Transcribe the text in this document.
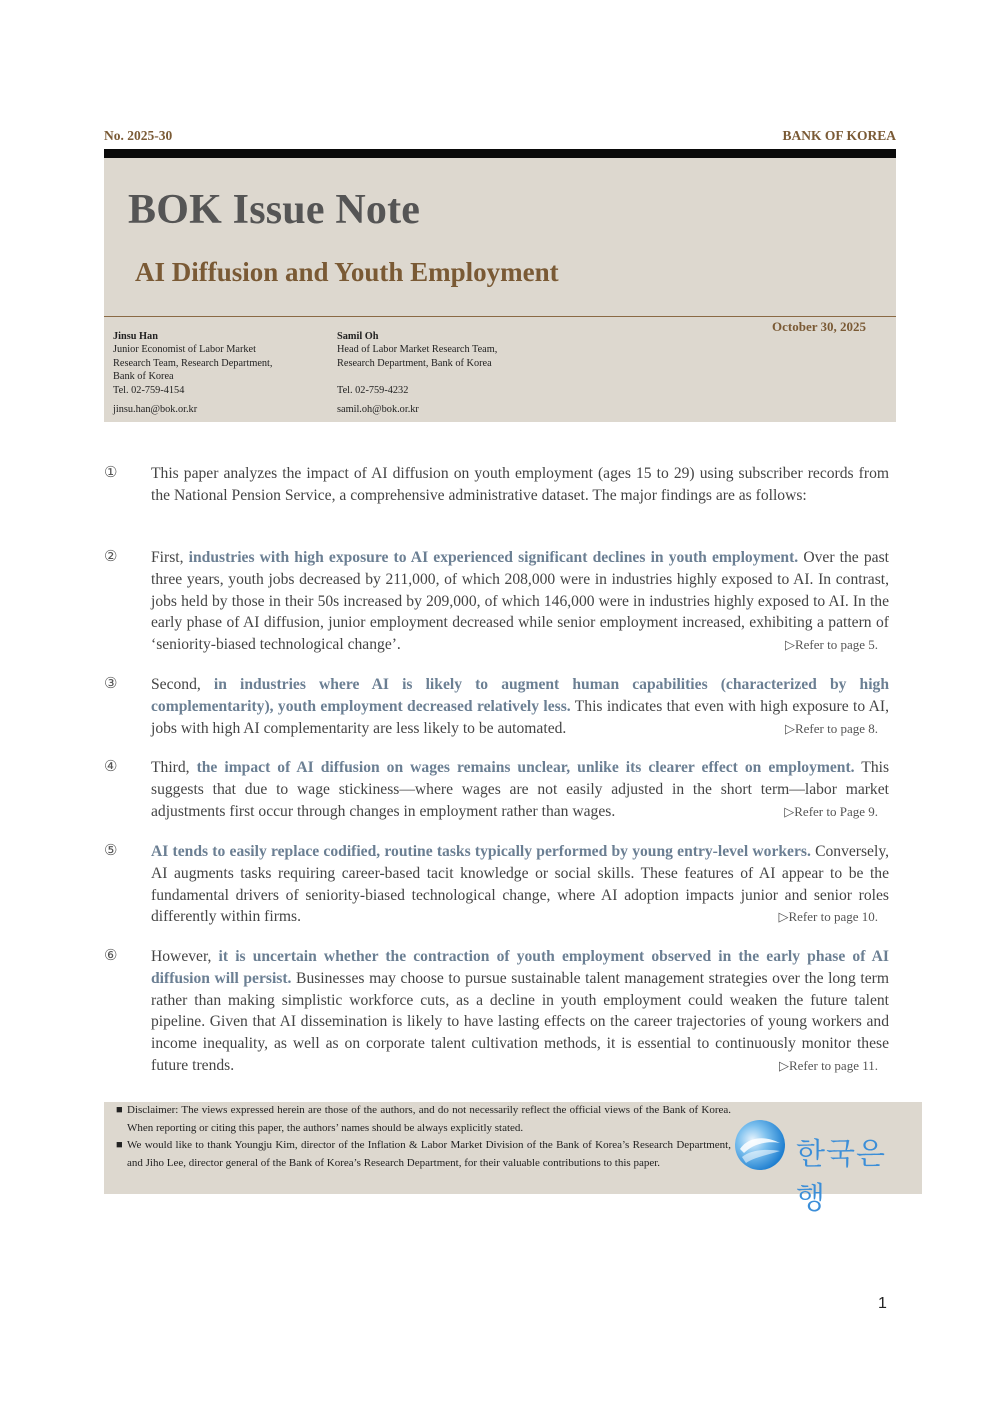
No. 2025-30	BANK OF KOREA
BOK Issue Note
AI Diffusion and Youth Employment
October 30, 2025
Jinsu Han
Junior Economist of Labor Market
Research Team, Research Department,
Bank of Korea
Tel. 02-759-4154
jinsu.han@bok.or.kr
Samil Oh
Head of Labor Market Research Team,
Research Department, Bank of Korea
Tel. 02-759-4232
samil.oh@bok.or.kr
①	This paper analyzes the impact of AI diffusion on youth employment (ages 15 to 29) using subscriber records from the National Pension Service, a comprehensive administrative dataset. The major findings are as follows:
②	First, industries with high exposure to AI experienced significant declines in youth employment. Over the past three years, youth jobs decreased by 211,000, of which 208,000 were in industries highly exposed to AI. In contrast, jobs held by those in their 50s increased by 209,000, of which 146,000 were in industries highly exposed to AI. In the early phase of AI diffusion, junior employment decreased while senior employment increased, exhibiting a pattern of ‘seniority-biased technological change’.	▷Refer to page 5.
③	Second, in industries where AI is likely to augment human capabilities (characterized by high complementarity), youth employment decreased relatively less. This indicates that even with high exposure to AI, jobs with high AI complementarity are less likely to be automated.	▷Refer to page 8.
④	Third, the impact of AI diffusion on wages remains unclear, unlike its clearer effect on employment. This suggests that due to wage stickiness—where wages are not easily adjusted in the short term—labor market adjustments first occur through changes in employment rather than wages.	▷Refer to Page 9.
⑤	AI tends to easily replace codified, routine tasks typically performed by young entry-level workers. Conversely, AI augments tasks requiring career-based tacit knowledge or social skills. These features of AI appear to be the fundamental drivers of seniority-biased technological change, where AI adoption impacts junior and senior roles differently within firms.	▷Refer to page 10.
⑥	However, it is uncertain whether the contraction of youth employment observed in the early phase of AI diffusion will persist. Businesses may choose to pursue sustainable talent management strategies over the long term rather than making simplistic workforce cuts, as a decline in youth employment could weaken the future talent pipeline. Given that AI dissemination is likely to have lasting effects on the career trajectories of young workers and income inequality, as well as on corporate talent cultivation methods, it is essential to continuously monitor these future trends.	▷Refer to page 11.
■ Disclaimer: The views expressed herein are those of the authors, and do not necessarily reflect the official views of the Bank of Korea. When reporting or citing this paper, the authors’ names should be always explicitly stated.
■ We would like to thank Youngju Kim, director of the Inflation & Labor Market Division of the Bank of Korea’s Research Department, and Jiho Lee, director general of the Bank of Korea’s Research Department, for their valuable contributions to this paper.	한국은행
1
